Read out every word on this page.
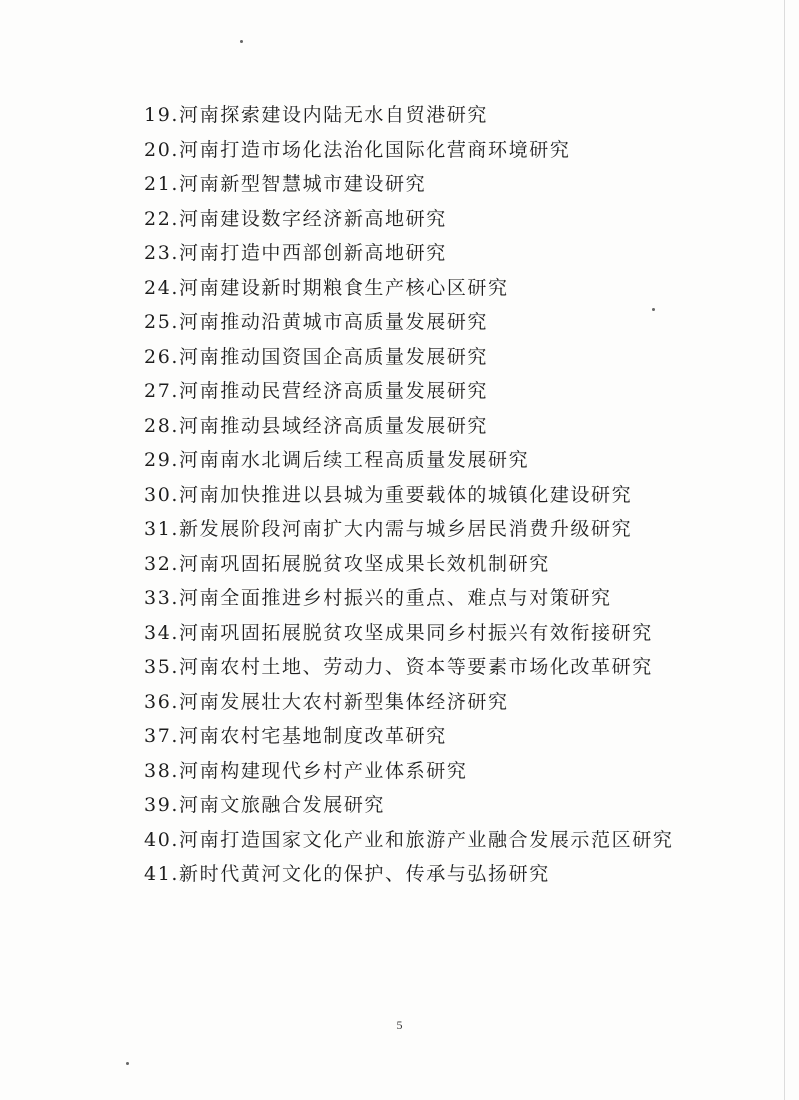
19.河南探索建设内陆无水自贸港研究
20.河南打造市场化法治化国际化营商环境研究
21.河南新型智慧城市建设研究
22.河南建设数字经济新高地研究
23.河南打造中西部创新高地研究
24.河南建设新时期粮食生产核心区研究
25.河南推动沿黄城市高质量发展研究
26.河南推动国资国企高质量发展研究
27.河南推动民营经济高质量发展研究
28.河南推动县域经济高质量发展研究
29.河南南水北调后续工程高质量发展研究
30.河南加快推进以县城为重要载体的城镇化建设研究
31.新发展阶段河南扩大内需与城乡居民消费升级研究
32.河南巩固拓展脱贫攻坚成果长效机制研究
33.河南全面推进乡村振兴的重点、难点与对策研究
34.河南巩固拓展脱贫攻坚成果同乡村振兴有效衔接研究
35.河南农村土地、劳动力、资本等要素市场化改革研究
36.河南发展壮大农村新型集体经济研究
37.河南农村宅基地制度改革研究
38.河南构建现代乡村产业体系研究
39.河南文旅融合发展研究
40.河南打造国家文化产业和旅游产业融合发展示范区研究
41.新时代黄河文化的保护、传承与弘扬研究
5
